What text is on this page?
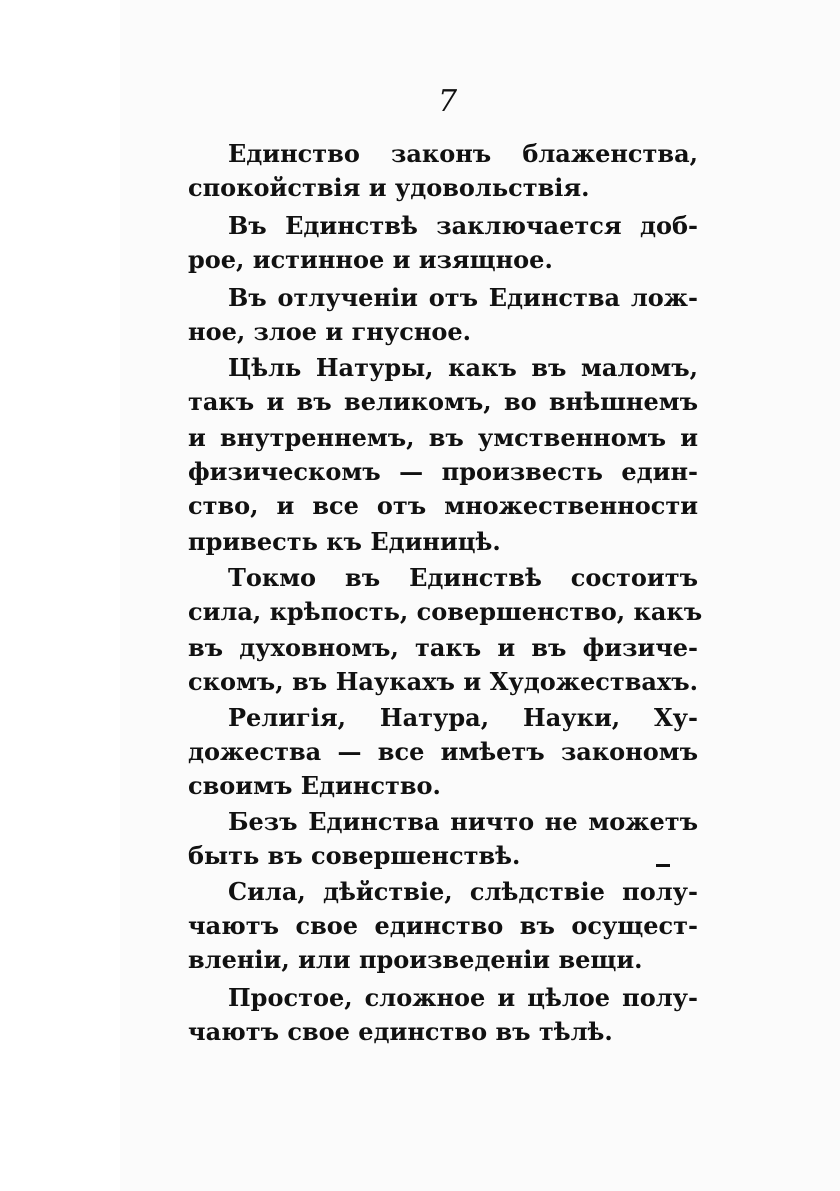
7
Единство законъ блаженства,
спокойствія и удовольствія.
Въ Единствѣ заключается доб-
рое, истинное и изящное.
Въ отлученіи отъ Единства лож-
ное, злое и гнусное.
Цѣль Натуры, какъ въ маломъ,
такъ и въ великомъ, во внѣшнемъ
и внутреннемъ, въ умственномъ и
физическомъ — произвесть един-
ство, и все отъ множественности
привесть къ Единицѣ.
Токмо въ Единствѣ состоитъ
сила, крѣпость, совершенство, какъ
въ духовномъ, такъ и въ физиче-
скомъ, въ Наукахъ и Художествахъ.
Религія, Натура, Науки, Ху-
дожества — все имѣетъ закономъ
своимъ Единство.
Безъ Единства ничто не можетъ
быть въ совершенствѣ.
Сила, дѣйствіе, слѣдствіе полу-
чаютъ свое единство въ осущест-
вленіи, или произведеніи вещи.
Простое, сложное и цѣлое полу-
чаютъ свое единство въ тѣлѣ.
